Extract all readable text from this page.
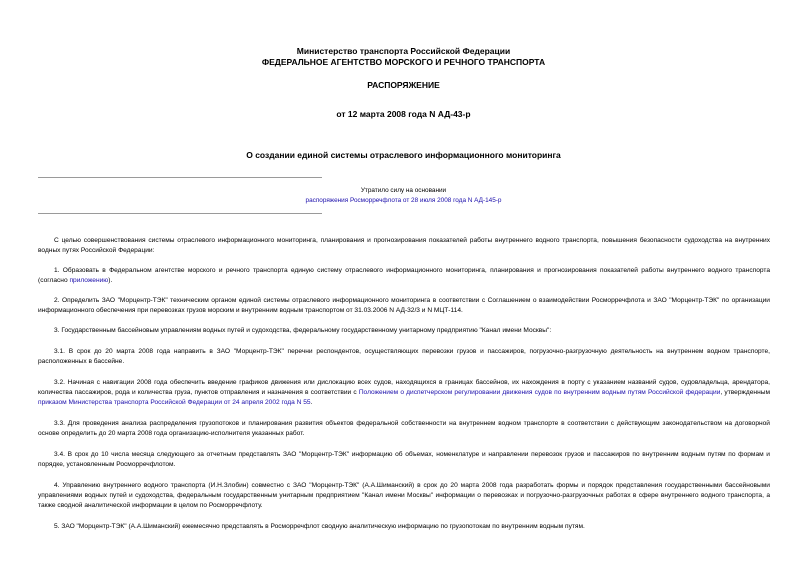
Министерство транспорта Российской Федерации
ФЕДЕРАЛЬНОЕ АГЕНТСТВО МОРСКОГО И РЕЧНОГО ТРАНСПОРТА
РАСПОРЯЖЕНИЕ
от 12 марта 2008 года N АД-43-р
О создании единой системы отраслевого информационного мониторинга
Утратило силу на основании
распоряжения Росморречфлота от 28 июля 2008 года N АД-145-р
С целью совершенствования системы отраслевого информационного мониторинга, планирования и прогнозирования показателей работы внутреннего водного транспорта, повышения безопасности судоходства на внутренних водных путях Российской Федерации:
1. Образовать в Федеральном агентстве морского и речного транспорта единую систему отраслевого информационного мониторинга, планирования и прогнозирования показателей работы внутреннего водного транспорта (согласно приложению).
2. Определить ЗАО "Морцентр-ТЭК" техническим органом единой системы отраслевого информационного мониторинга в соответствии с Соглашением о взаимодействии Росморречфлота и ЗАО "Морцентр-ТЭК" по организации информационного обеспечения при перевозках грузов морским и внутренним водным транспортом от 31.03.2006 N АД-32/3 и N МЦТ-114.
3. Государственным бассейновым управлениям водных путей и судоходства, федеральному государственному унитарному предприятию "Канал имени Москвы":
3.1. В срок до 20 марта 2008 года направить в ЗАО "Морцентр-ТЭК" перечни респондентов, осуществляющих перевозки грузов и пассажиров, погрузочно-разгрузочную деятельность на внутреннем водном транспорте, расположенных в бассейне.
3.2. Начиная с навигации 2008 года обеспечить введение графиков движения или дислокацию всех судов, находящихся в границах бассейнов, их нахождения в порту с указанием названий судов, судовладельца, арендатора, количества пассажиров, рода и количества груза, пунктов отправления и назначения в соответствии с Положением о диспетчерском регулировании движения судов по внутренним водным путям Российской федерации, утвержденным приказом Министерства транспорта Российской Федерации от 24 апреля 2002 года N 55.
3.3. Для проведения анализа распределения грузопотоков и планирования развития объектов федеральной собственности на внутреннем водном транспорте в соответствии с действующим законодательством на договорной основе определить до 20 марта 2008 года организацию-исполнителя указанных работ.
3.4. В срок до 10 числа месяца следующего за отчетным представлять ЗАО "Морцентр-ТЭК" информацию об объемах, номенклатуре и направлении перевозок грузов и пассажиров по внутренним водным путям по формам и порядке, установленным Росморречфлотом.
4. Управлению внутреннего водного транспорта (И.Н.Злобин) совместно с ЗАО "Морцентр-ТЭК" (А.А.Шиманский) в срок до 20 марта 2008 года разработать формы и порядок представления государственными бассейновыми управлениями водных путей и судоходства, федеральным государственным унитарным предприятием "Канал имени Москвы" информации о перевозках и погрузочно-разгрузочных работах в сфере внутреннего водного транспорта, а также сводной аналитической информации в целом по Росморречфлоту.
5. ЗАО "Морцентр-ТЭК" (А.А.Шиманский) ежемесячно представлять в Росморречфлот сводную аналитическую информацию по грузопотокам по внутренним водным путям.
